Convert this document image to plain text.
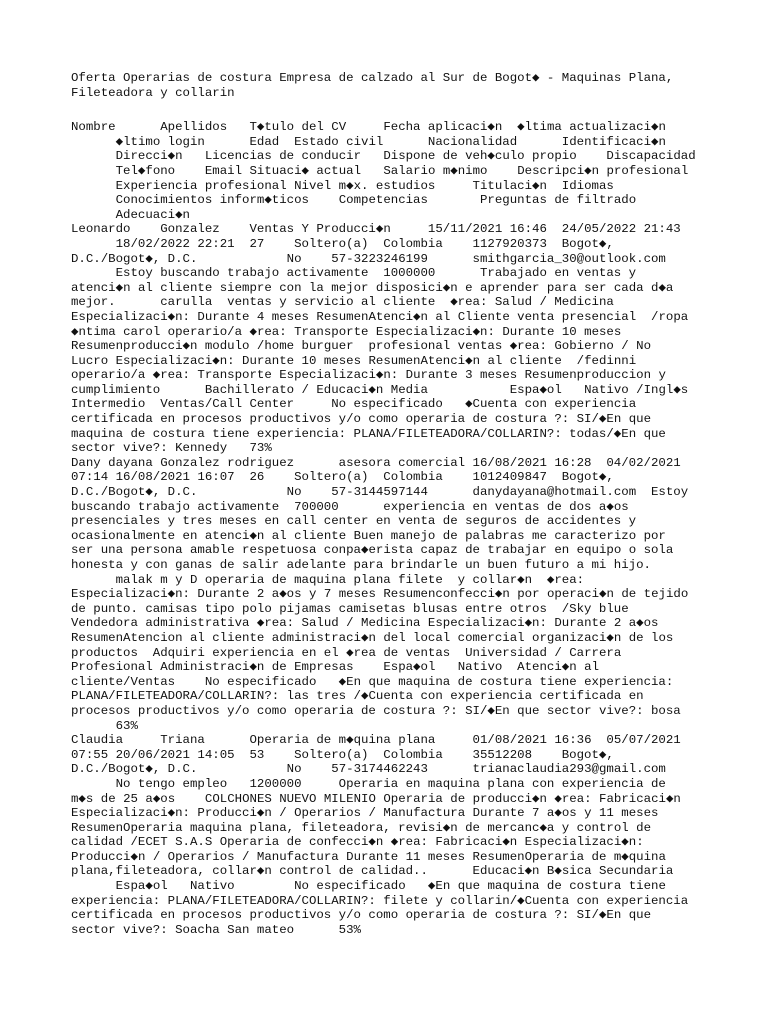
Oferta Operarias de costura Empresa de calzado al Sur de Bogot◆ - Maquinas Plana,
Fileteadora y collarin
Nombre      Apellidos   T◆tulo del CV     Fecha aplicaci◆n  ◆ltima actualizaci◆n
◆ltimo login      Edad  Estado civil      Nacionalidad      Identificaci◆n
Direcci◆n   Licencias de conducir   Dispone de veh◆culo propio    Discapacidad
Tel◆fono    Email Situaci◆ actual   Salario m◆nimo    Descripci◆n profesional
Experiencia profesional Nivel m◆x. estudios     Titulaci◆n  Idiomas
Conocimientos inform◆ticos    Competencias       Preguntas de filtrado
Adecuaci◆n
Leonardo    Gonzalez    Ventas Y Producci◆n     15/11/2021 16:46  24/05/2022 21:43
18/02/2022 22:21  27    Soltero(a)  Colombia    1127920373  Bogot◆,
D.C./Bogot◆, D.C.            No    57-3223246199      smithgarcia_30@outlook.com
Estoy buscando trabajo activamente  1000000      Trabajado en ventas y
atenci◆n al cliente siempre con la mejor disposici◆n e aprender para ser cada d◆a
mejor.      carulla  ventas y servicio al cliente  ◆rea: Salud / Medicina
Especializaci◆n: Durante 4 meses ResumenAtenci◆n al Cliente venta presencial  /ropa
◆ntima carol operario/a ◆rea: Transporte Especializaci◆n: Durante 10 meses
Resumenproducci◆n modulo /home burguer  profesional ventas ◆rea: Gobierno / No
Lucro Especializaci◆n: Durante 10 meses ResumenAtenci◆n al cliente  /fedinni
operario/a ◆rea: Transporte Especializaci◆n: Durante 3 meses Resumenproduccion y
cumplimiento      Bachillerato / Educaci◆n Media           Espa◆ol   Nativo /Ingl◆s
Intermedio  Ventas/Call Center     No especificado   ◆Cuenta con experiencia
certificada en procesos productivos y/o como operaria de costura ?: SI/◆En que
maquina de costura tiene experiencia: PLANA/FILETEADORA/COLLARIN?: todas/◆En que
sector vive?: Kennedy   73%
Dany dayana Gonzalez rodriguez      asesora comercial 16/08/2021 16:28  04/02/2021
07:14 16/08/2021 16:07  26    Soltero(a)  Colombia    1012409847  Bogot◆,
D.C./Bogot◆, D.C.            No    57-3144597144      danydayana@hotmail.com  Estoy
buscando trabajo activamente  700000      experiencia en ventas de dos a◆os
presenciales y tres meses en call center en venta de seguros de accidentes y
ocasionalmente en atenci◆n al cliente Buen manejo de palabras me caracterizo por
ser una persona amable respetuosa conpa◆erista capaz de trabajar en equipo o sola
honesta y con ganas de salir adelante para brindarle un buen futuro a mi hijo.
malak m y D operaria de maquina plana filete  y collar◆n  ◆rea:
Especializaci◆n: Durante 2 a◆os y 7 meses Resumenconfecci◆n por operaci◆n de tejido
de punto. camisas tipo polo pijamas camisetas blusas entre otros  /Sky blue
Vendedora administrativa ◆rea: Salud / Medicina Especializaci◆n: Durante 2 a◆os
ResumenAtencion al cliente administraci◆n del local comercial organizaci◆n de los
productos  Adquiri experiencia en el ◆rea de ventas  Universidad / Carrera
Profesional Administraci◆n de Empresas    Espa◆ol   Nativo  Atenci◆n al
cliente/Ventas    No especificado   ◆En que maquina de costura tiene experiencia:
PLANA/FILETEADORA/COLLARIN?: las tres /◆Cuenta con experiencia certificada en
procesos productivos y/o como operaria de costura ?: SI/◆En que sector vive?: bosa
63%
Claudia     Triana      Operaria de m◆quina plana     01/08/2021 16:36  05/07/2021
07:55 20/06/2021 14:05  53    Soltero(a)  Colombia    35512208    Bogot◆,
D.C./Bogot◆, D.C.            No    57-3174462243      trianaclaudia293@gmail.com
No tengo empleo   1200000     Operaria en maquina plana con experiencia de
m◆s de 25 a◆os    COLCHONES NUEVO MILENIO Operaria de producci◆n ◆rea: Fabricaci◆n
Especializaci◆n: Producci◆n / Operarios / Manufactura Durante 7 a◆os y 11 meses
ResumenOperaria maquina plana, fileteadora, revisi◆n de mercanc◆a y control de
calidad /ECET S.A.S Operaria de confecci◆n ◆rea: Fabricaci◆n Especializaci◆n:
Producci◆n / Operarios / Manufactura Durante 11 meses ResumenOperaria de m◆quina
plana,fileteadora, collar◆n control de calidad..      Educaci◆n B◆sica Secundaria
Espa◆ol   Nativo        No especificado   ◆En que maquina de costura tiene
experiencia: PLANA/FILETEADORA/COLLARIN?: filete y collarin/◆Cuenta con experiencia
certificada en procesos productivos y/o como operaria de costura ?: SI/◆En que
sector vive?: Soacha San mateo      53%
